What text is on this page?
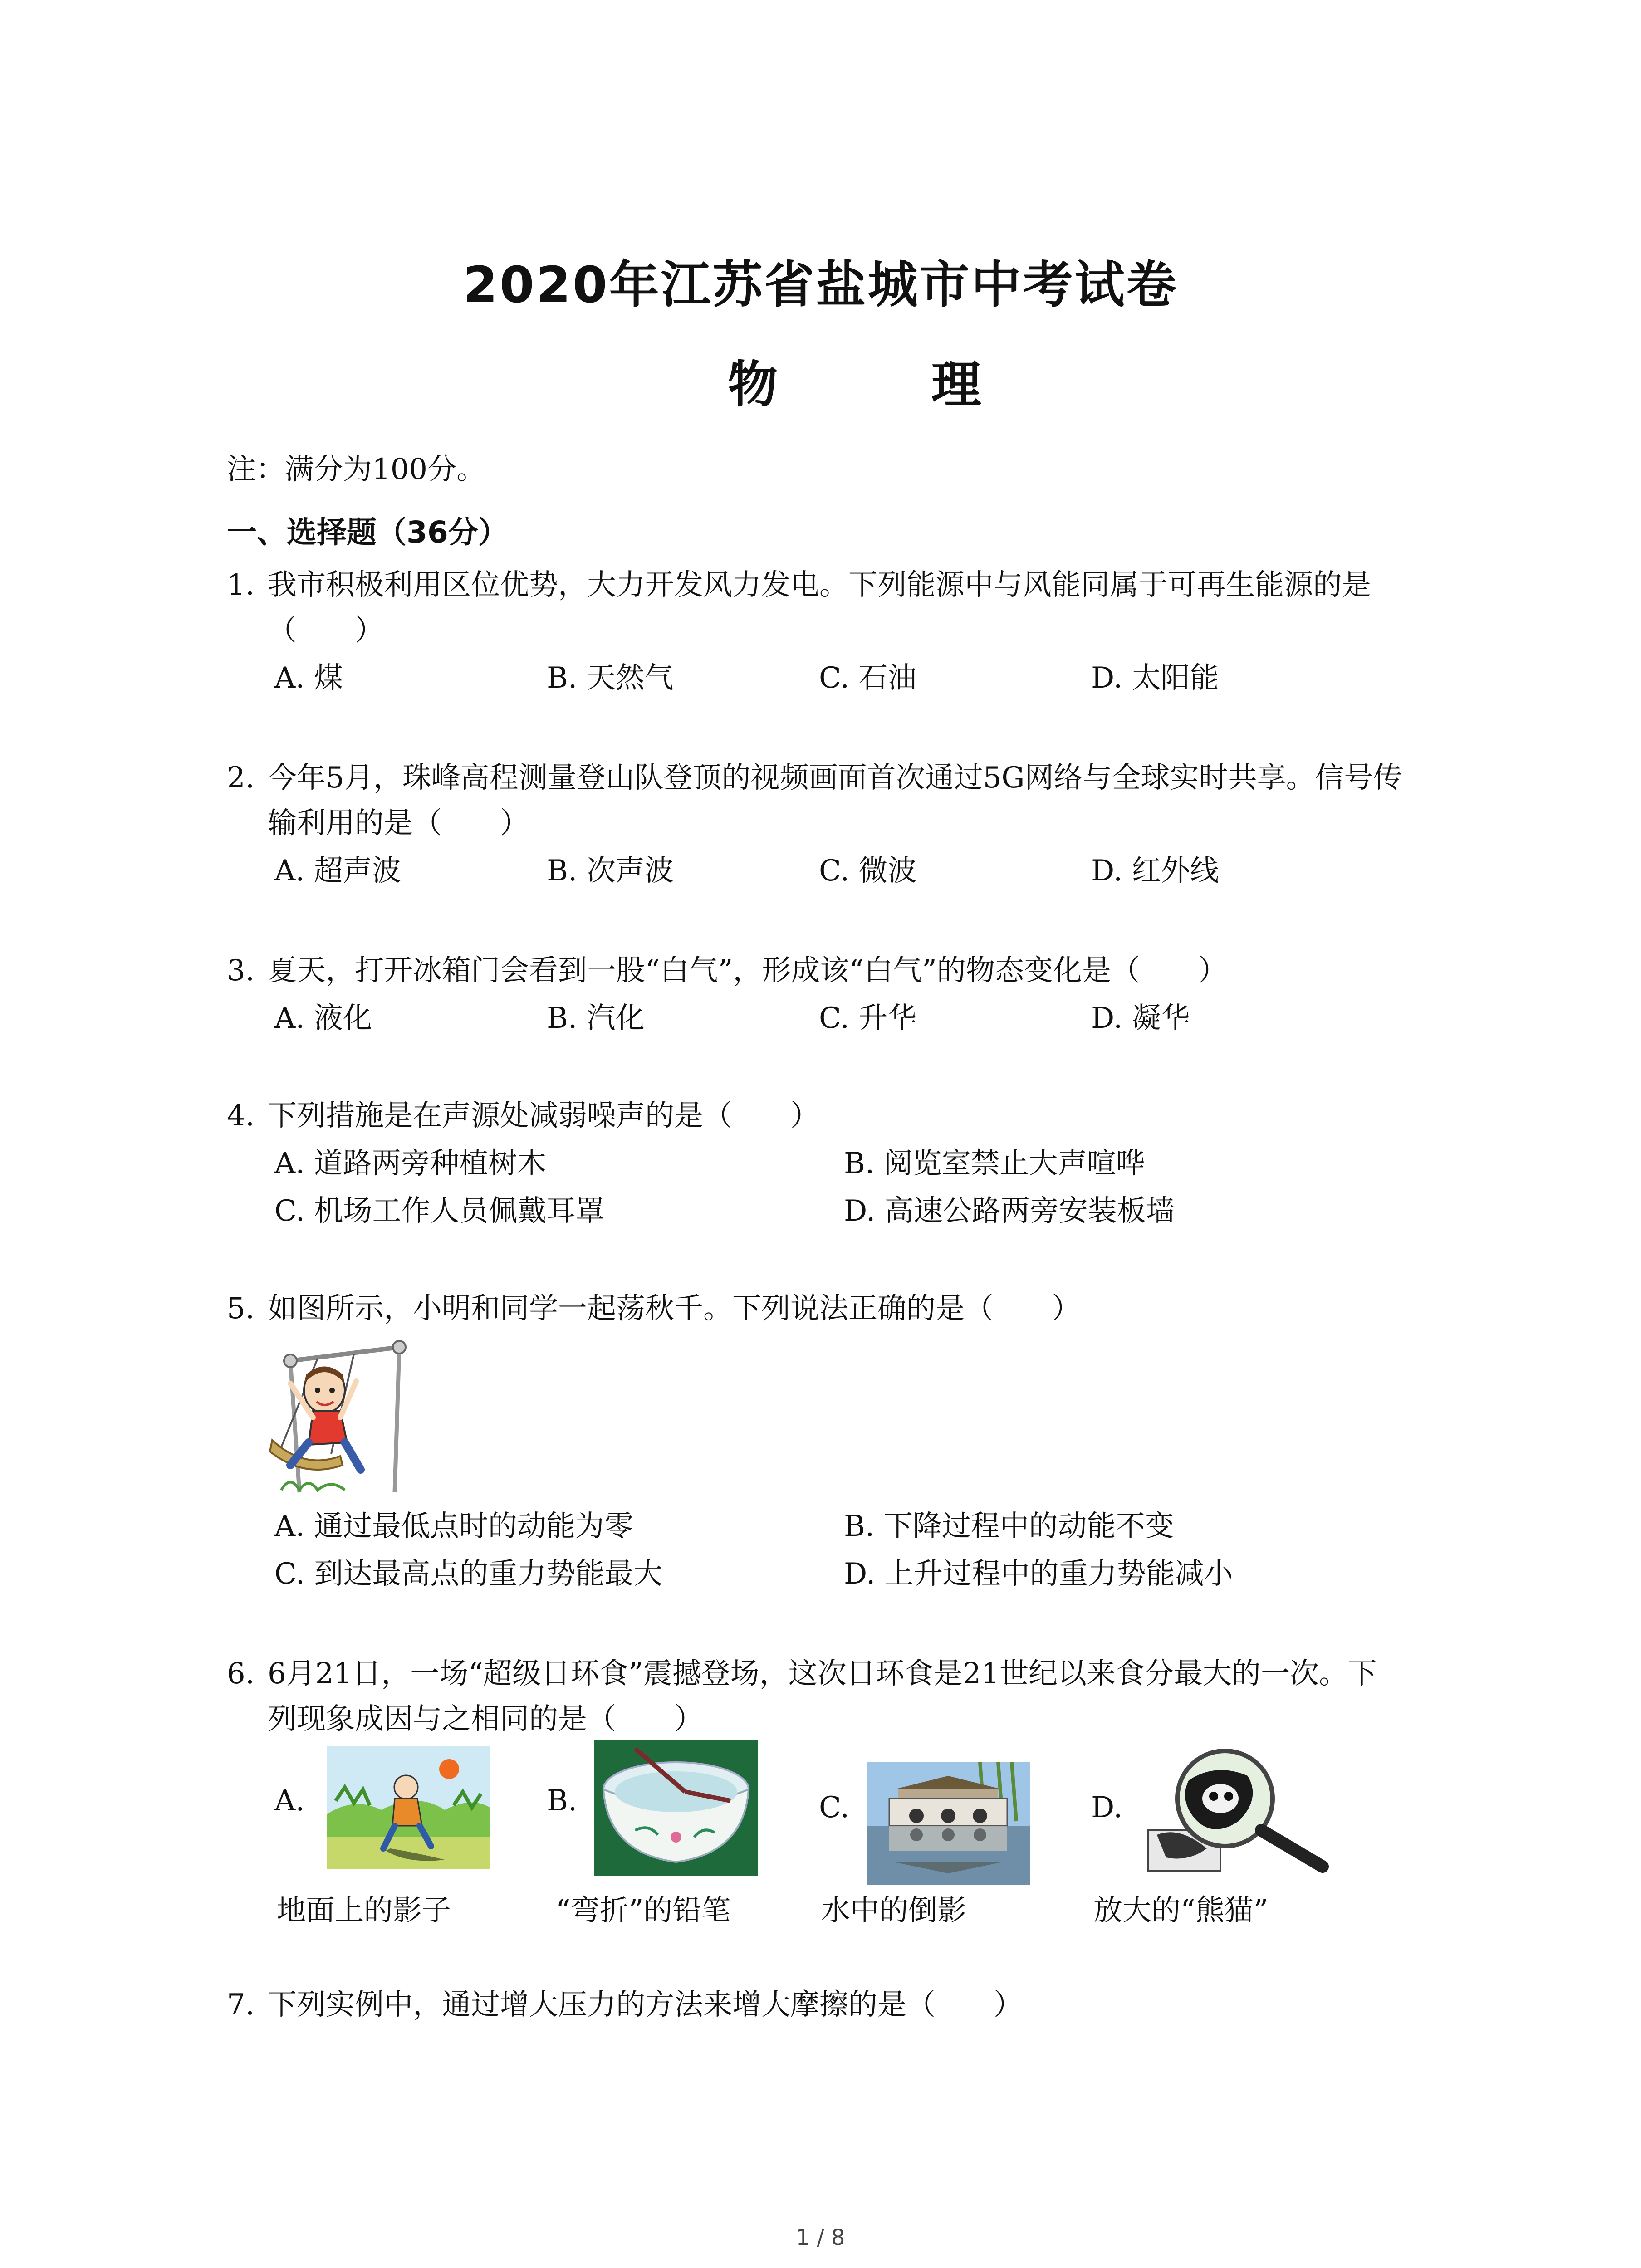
2020年江苏省盐城市中考试卷
物 理
注：满分为100分。
一、选择题（36分）
1. 我市积极利用区位优势，大力开发风力发电。下列能源中与风能同属于可再生能源的是
（　　）
A. 煤	B. 天然气	C. 石油	D. 太阳能
2. 今年5月，珠峰高程测量登山队登顶的视频画面首次通过5G网络与全球实时共享。信号传
输利用的是（　　）
A. 超声波	B. 次声波	C. 微波	D. 红外线
3. 夏天，打开冰箱门会看到一股“白气”，形成该“白气”的物态变化是（　　）
A. 液化	B. 汽化	C. 升华	D. 凝华
4. 下列措施是在声源处减弱噪声的是（　　）
A. 道路两旁种植树木	B. 阅览室禁止大声喧哗
C. 机场工作人员佩戴耳罩	D. 高速公路两旁安装板墙
5. 如图所示，小明和同学一起荡秋千。下列说法正确的是（　　）
A. 通过最低点时的动能为零	B. 下降过程中的动能不变
C. 到达最高点的重力势能最大	D. 上升过程中的重力势能减小
6. 6月21日，一场“超级日环食”震撼登场，这次日环食是21世纪以来食分最大的一次。下
列现象成因与之相同的是（　　）
A.	B.	C.	D.
地面上的影子	“弯折”的铅笔	水中的倒影	放大的“熊猫”
7. 下列实例中，通过增大压力的方法来增大摩擦的是（　　）
1 / 8
